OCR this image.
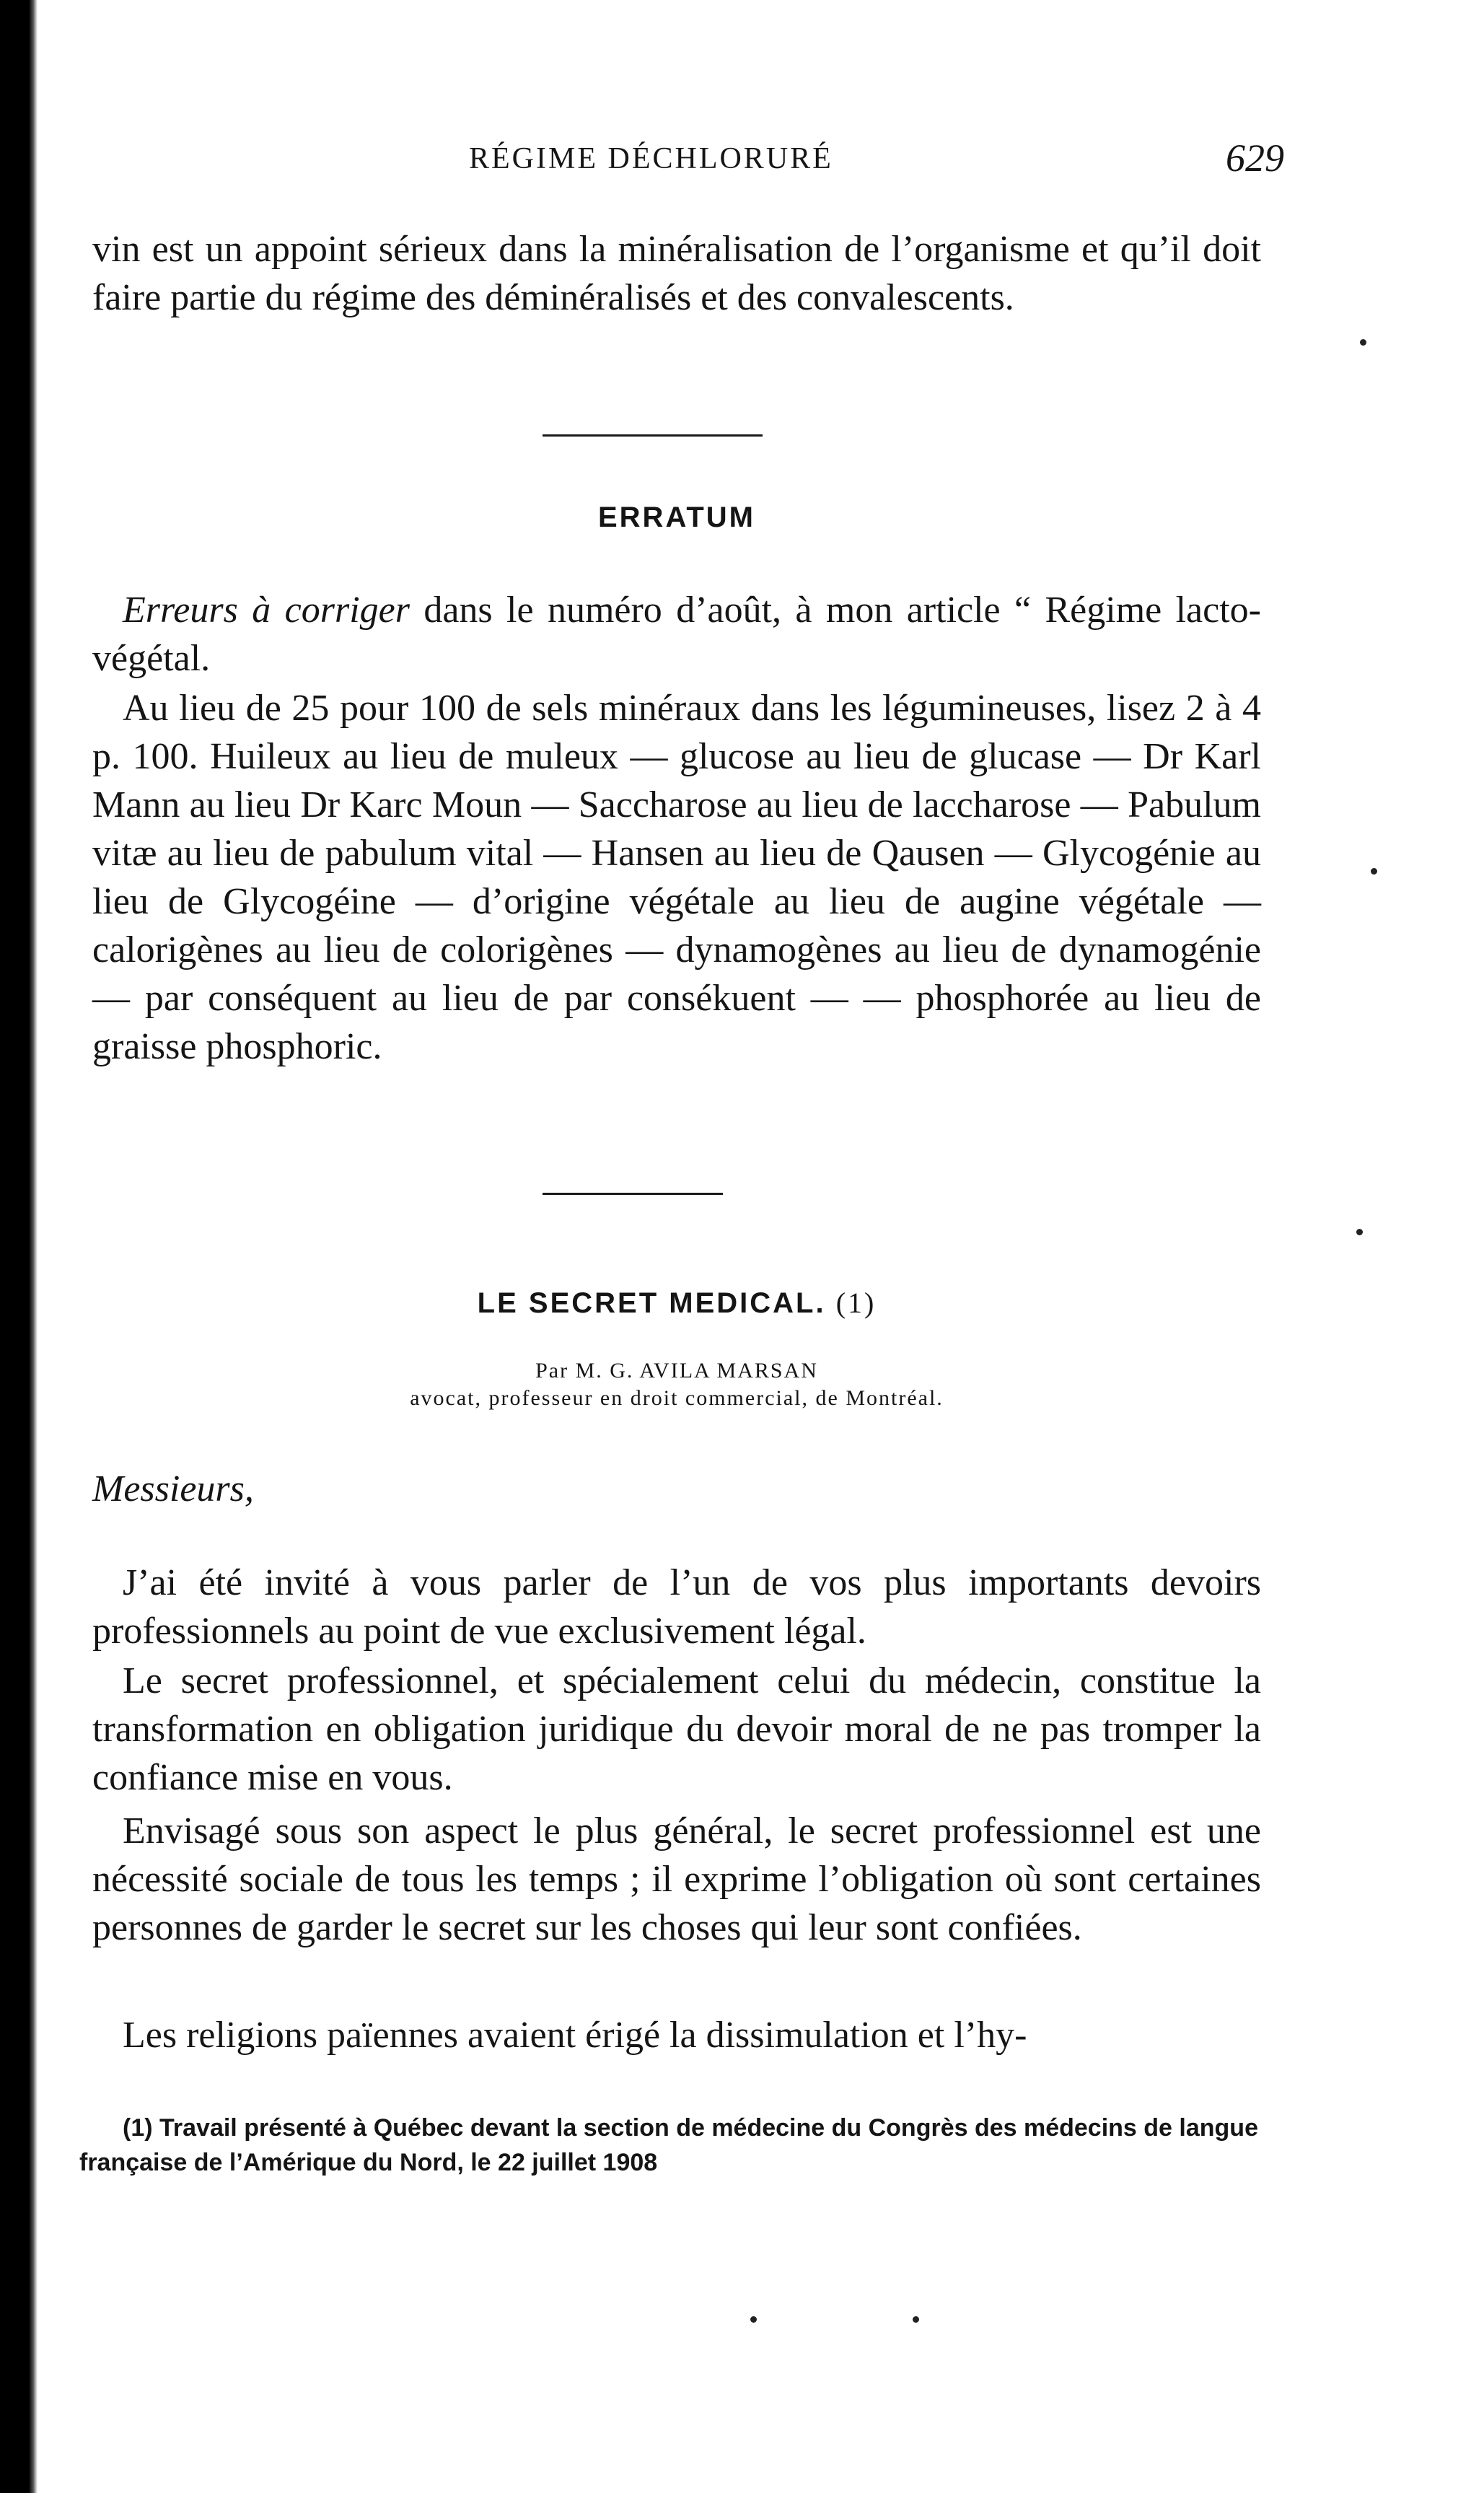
RÉGIME DÉCHLORURÉ	629

vin est un appoint sérieux dans la minéralisation de l’organisme et qu’il doit faire partie du régime des déminéralisés et des convalescents.

ERRATUM

Erreurs à corriger dans le numéro d’août, à mon article “ Régime lacto-végétal.

Au lieu de 25 pour 100 de sels minéraux dans les légumineuses, lisez 2 à 4 p. 100. Huileux au lieu de muleux — glucose au lieu de glucase — Dr Karl Mann au lieu Dr Karc Moun — Saccharose au lieu de laccharose — Pabulum vitæ au lieu de pabulum vital — Hansen au lieu de Qausen — Glycogénie au lieu de Glycogéine — d’origine végétale au lieu de augine végétale — calorigènes au lieu de colorigènes — dynamogènes au lieu de dynamogénie — par conséquent au lieu de par consékuent — — phosphorée au lieu de graisse phosphoric.

LE SECRET MEDICAL. (1)

Par M. G. AVILA MARSAN

avocat, professeur en droit commercial, de Montréal.

Messieurs,

J’ai été invité à vous parler de l’un de vos plus importants devoirs professionnels au point de vue exclusivement légal.

Le secret professionnel, et spécialement celui du médecin, constitue la transformation en obligation juridique du devoir moral de ne pas tromper la confiance mise en vous.

Envisagé sous son aspect le plus général, le secret professionnel est une nécessité sociale de tous les temps ; il exprime l’obligation où sont certaines personnes de garder le secret sur les choses qui leur sont confiées.

Les religions païennes avaient érigé la dissimulation et l’hy-

(1) Travail présenté à Québec devant la section de médecine du Congrès des médecins de langue française de l’Amérique du Nord, le 22 juillet 1908
